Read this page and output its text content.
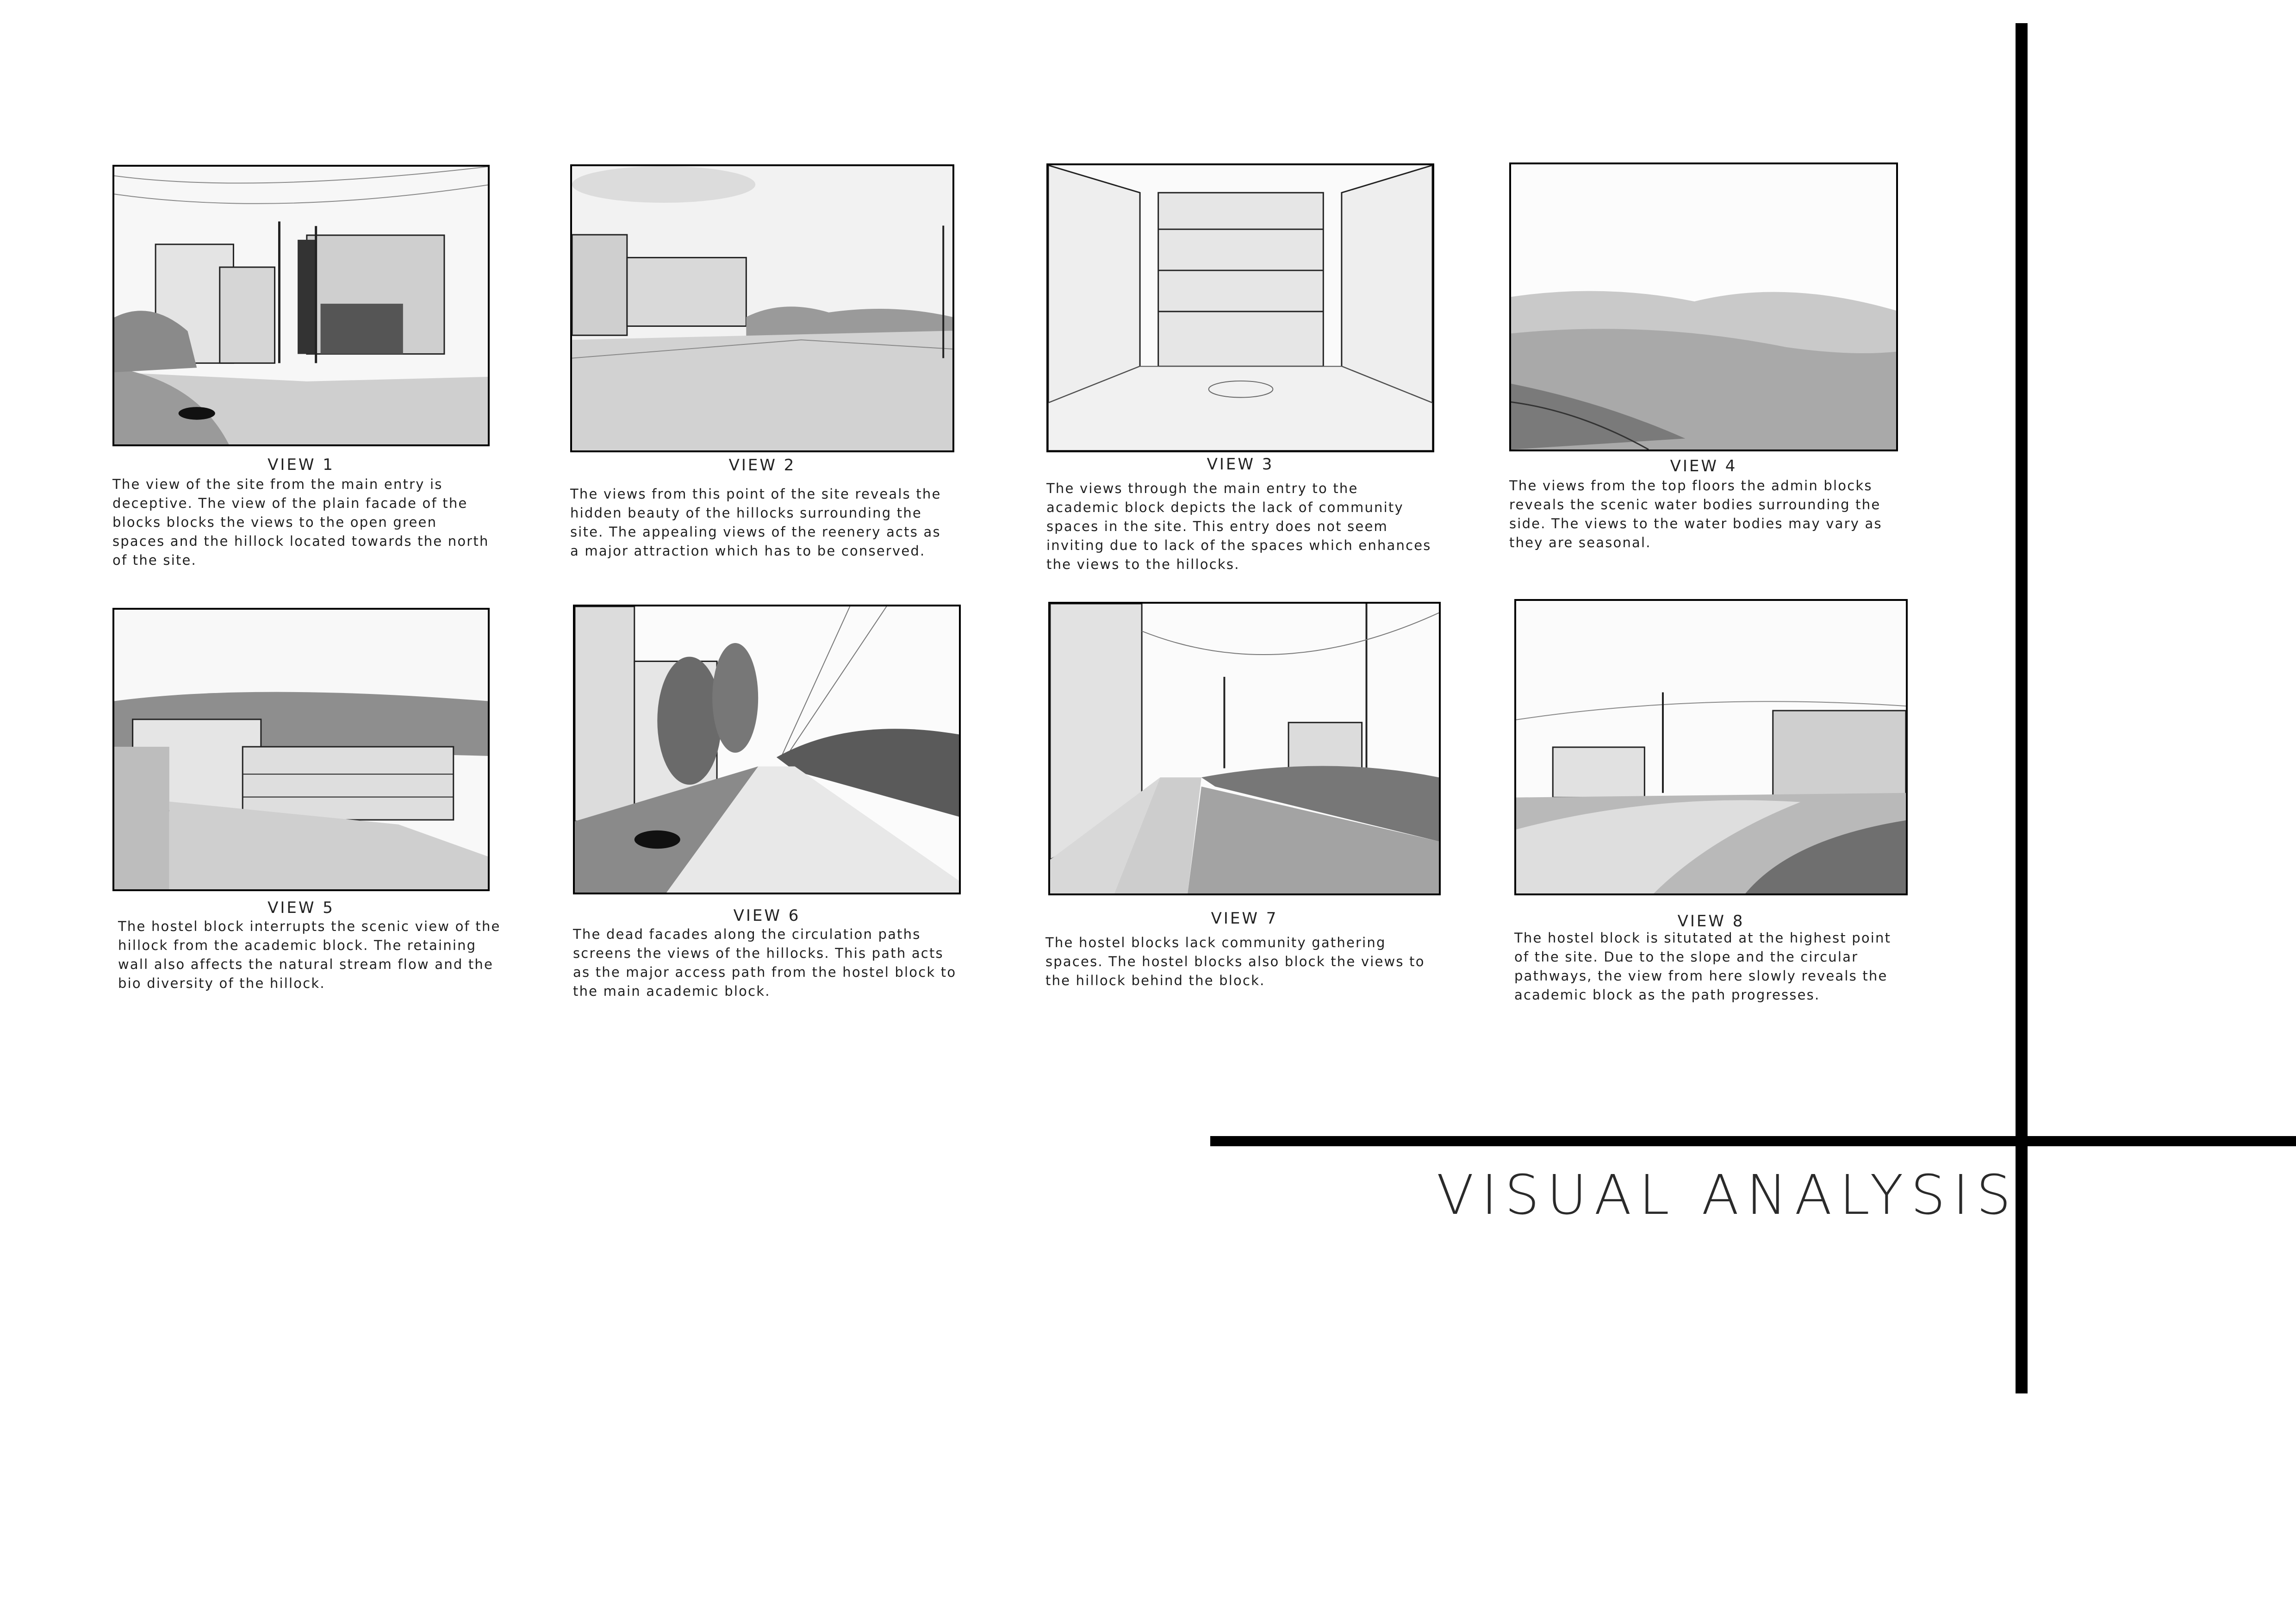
VIEW 1

The view of the site from the main entry is deceptive. The view of the plain facade of the blocks blocks the views to the open green spaces and the hillock located towards the north of the site.

VIEW 2

The views from this point of the site reveals the hidden beauty of the hillocks surrounding the site. The appealing views of the reenery acts as a major attraction which has to be conserved.

VIEW 3

The views through the main entry to the academic block depicts the lack of community spaces in the site. This entry does not seem inviting due to lack of the spaces which enhances the views to the hillocks.

VIEW 4

The views from the top floors the admin blocks reveals the scenic water bodies surrounding the side. The views to the water bodies may vary as they are seasonal.

VIEW 5

The hostel block interrupts the scenic view of the hillock from the academic block. The retaining wall also affects the natural stream flow and the bio diversity of the hillock.

VIEW 6

The dead facades along the circulation paths screens the views of the hillocks. This path acts as the major access path from the hostel block to the main academic block.

VIEW 7

The hostel blocks lack community gathering spaces. The hostel blocks also block the views to the hillock behind the block.

VIEW 8

The hostel block is situtated at the highest point of the site. Due to the slope and the circular pathways, the view from here slowly reveals the academic block as the path progresses.

VISUAL ANALYSIS
